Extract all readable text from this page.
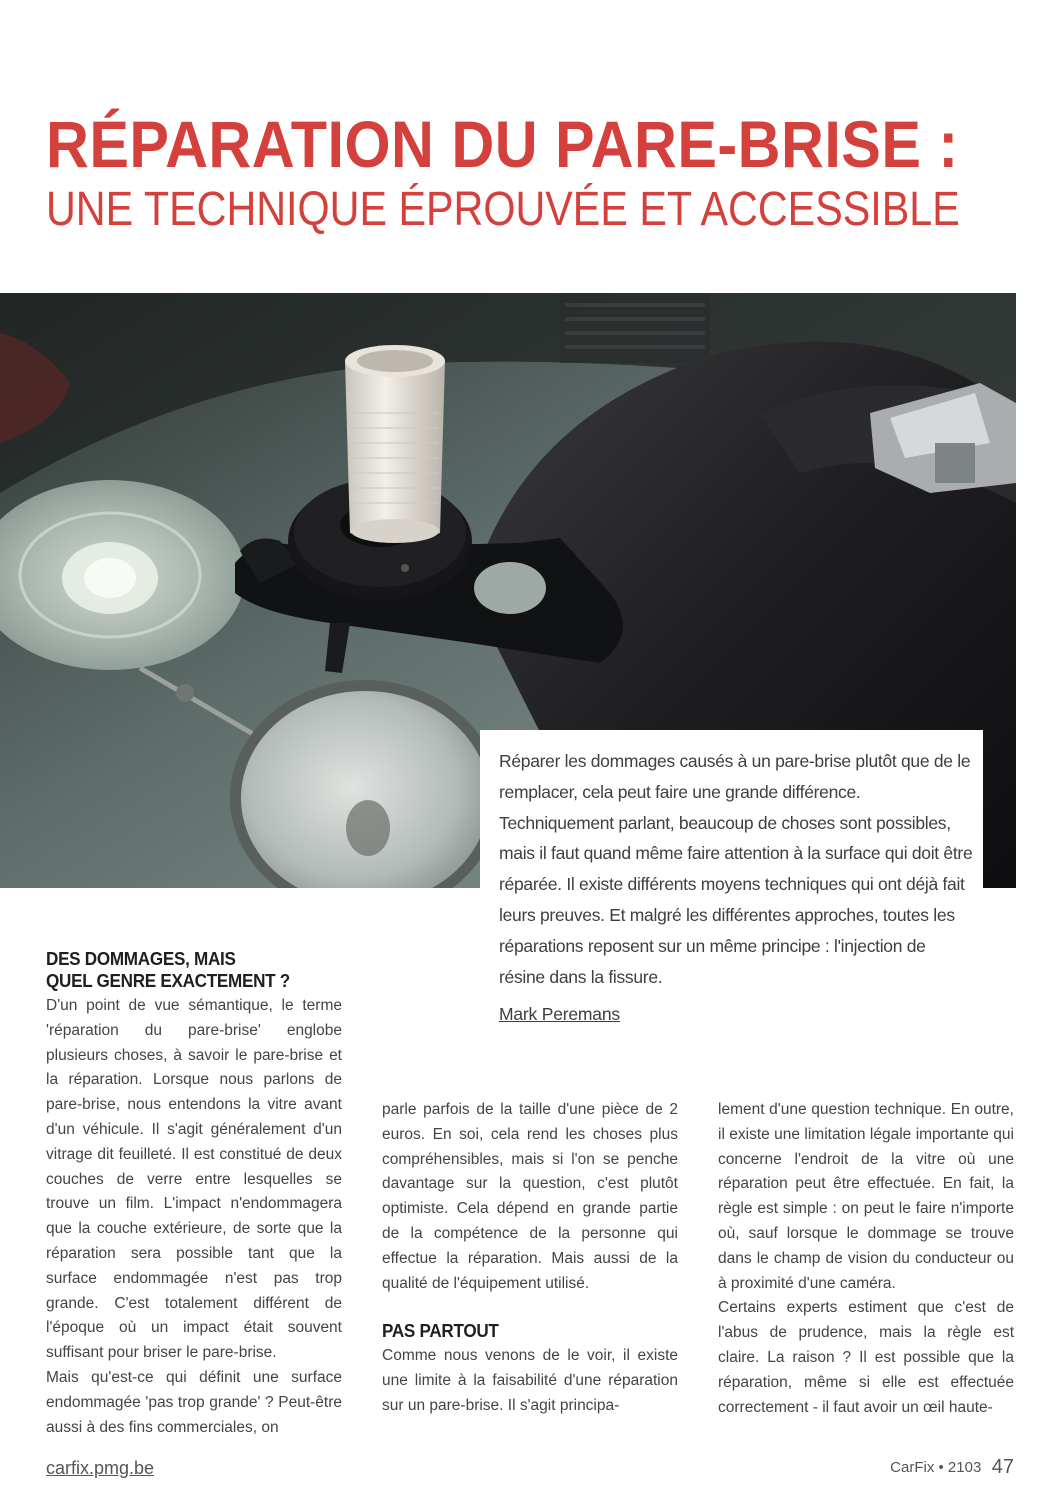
RÉPARATION DU PARE-BRISE :
UNE TECHNIQUE ÉPROUVÉE ET ACCESSIBLE

Réparer les dommages causés à un pare-brise plutôt que de le remplacer, cela peut faire une grande différence. Techniquement parlant, beaucoup de choses sont possibles, mais il faut quand même faire attention à la surface qui doit être réparée. Il existe différents moyens techniques qui ont déjà fait leurs preuves. Et malgré les différentes approches, toutes les réparations reposent sur un même principe : l'injection de résine dans la fissure.

Mark Peremans

DES DOMMAGES, MAIS
QUEL GENRE EXACTEMENT ?

D'un point de vue sémantique, le terme 'réparation du pare-brise' englobe plusieurs choses, à savoir le pare-brise et la réparation. Lorsque nous parlons de pare-brise, nous entendons la vitre avant d'un véhicule. Il s'agit généralement d'un vitrage dit feuilleté. Il est constitué de deux couches de verre entre lesquelles se trouve un film. L'impact n'endommagera que la couche extérieure, de sorte que la réparation sera possible tant que la surface endommagée n'est pas trop grande. C'est totalement différent de l'époque où un impact était souvent suffisant pour briser le pare-brise.

Mais qu'est-ce qui définit une surface endommagée 'pas trop grande' ? Peut-être aussi à des fins commerciales, on

parle parfois de la taille d'une pièce de 2 euros. En soi, cela rend les choses plus compréhensibles, mais si l'on se penche davantage sur la question, c'est plutôt optimiste. Cela dépend en grande partie de la compétence de la personne qui effectue la réparation. Mais aussi de la qualité de l'équipement utilisé.

PAS PARTOUT

Comme nous venons de le voir, il existe une limite à la faisabilité d'une réparation sur un pare-brise. Il s'agit principa-

lement d'une question technique. En outre, il existe une limitation légale importante qui concerne l'endroit de la vitre où une réparation peut être effectuée. En fait, la règle est simple : on peut le faire n'importe où, sauf lorsque le dommage se trouve dans le champ de vision du conducteur ou à proximité d'une caméra.

Certains experts estiment que c'est de l'abus de prudence, mais la règle est claire. La raison ? Il est possible que la réparation, même si elle est effectuée correctement - il faut avoir un œil haute-

carfix.pmg.be	CarFix • 2103 47
